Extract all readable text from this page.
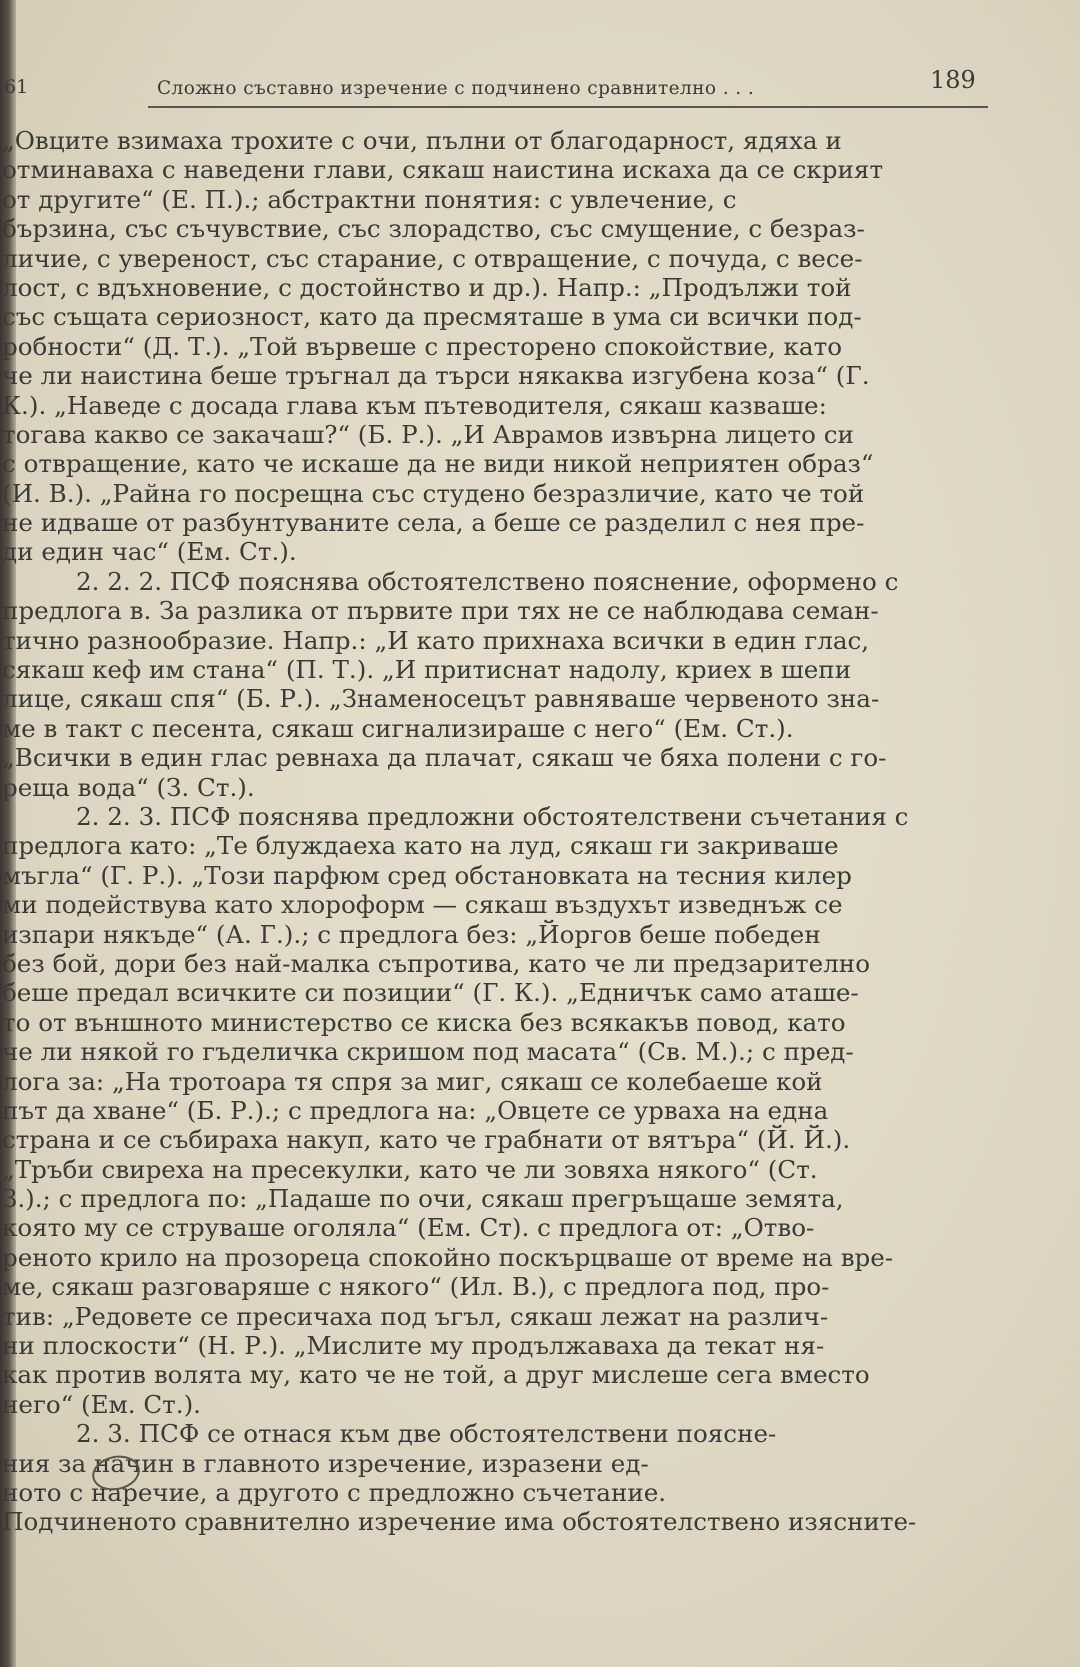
61	Сложно съставно изречение с подчинено сравнително . . .	189
„Овците взимаха трохите с очи, пълни от благодарност, ядяха и
отминаваха с наведени глави, сякаш наистина искаха да се скрият
от другите“ (Е. П.).; абстрактни понятия: с увлечение, с
бързина, със съчувствие, със злорадство, със смущение, с безраз-
личие, с увереност, със старание, с отвращение, с почуда, с весе-
лост, с вдъхновение, с достойнство и др.). Напр.: „Продължи той
със същата сериозност, като да пресмяташе в ума си всички под-
робности“ (Д. Т.). „Той вървеше с престорено спокойствие, като
че ли наистина беше тръгнал да търси някаква изгубена коза“ (Г.
К.). „Наведе с досада глава към пътеводителя, сякаш казваше:
тогава какво се закачаш?“ (Б. Р.). „И Аврамов извърна лицето си
с отвращение, като че искаше да не види никой неприятен образ“
(И. В.). „Райна го посрещна със студено безразличие, като че той
не идваше от разбунтуваните села, а беше се разделил с нея пре-
ди един час“ (Ем. Ст.).
2. 2. 2. ПСФ пояснява обстоятелствено пояснение, оформено с
предлога в. За разлика от първите при тях не се наблюдава семан-
тично разнообразие. Напр.: „И като прихнаха всички в един глас,
сякаш кеф им стана“ (П. Т.). „И притиснат надолу, криех в шепи
лице, сякаш спя“ (Б. Р.). „Знаменосецът равняваше червеното зна-
ме в такт с песента, сякаш сигнализираше с него“ (Ем. Ст.).
„Всички в един глас ревнаха да плачат, сякаш че бяха полени с го-
реща вода“ (З. Ст.).
2. 2. 3. ПСФ пояснява предложни обстоятелствени съчетания с
предлога като: „Те блуждаеха като на луд, сякаш ги закриваше
мъгла“ (Г. Р.). „Този парфюм сред обстановката на тесния килер
ми подействува като хлороформ — сякаш въздухът изведнъж се
изпари някъде“ (А. Г.).; с предлога без: „Йоргов беше победен
без бой, дори без най-малка съпротива, като че ли предзарително
беше предал всичките си позиции“ (Г. К.). „Едничък само аташе-
то от външното министерство се киска без всякакъв повод, като
че ли някой го гъделичка скришом под масата“ (Св. М.).; с пред-
лога за: „На тротоара тя спря за миг, сякаш се колебаеше кой
път да хване“ (Б. Р.).; с предлога на: „Овцете се урваха на една
страна и се събираха накуп, като че грабнати от вятъра“ (Й. Й.).
„Тръби свиреха на пресекулки, като че ли зовяха някого“ (Ст.
З.).; с предлога по: „Падаше по очи, сякаш прегръщаше земята,
която му се струваше оголяла“ (Ем. Ст). с предлога от: „Отво-
реното крило на прозореца спокойно поскърцваше от време на вре-
ме, сякаш разговаряше с някого“ (Ил. В.), с предлога под, про-
тив: „Редовете се пресичаха под ъгъл, сякаш лежат на различ-
ни плоскости“ (Н. Р.). „Мислите му продължаваха да текат ня-
как против волята му, като че не той, а друг мислеше сега вместо
него“ (Ем. Ст.).
2. 3. ПСФ се отнася към две обстоятелствени поясне-
ния за начин в главното изречение, изразени ед-
ното с наречие, а другото с предложно съчетание.
Подчиненото сравнително изречение има обстоятелствено изясните-
